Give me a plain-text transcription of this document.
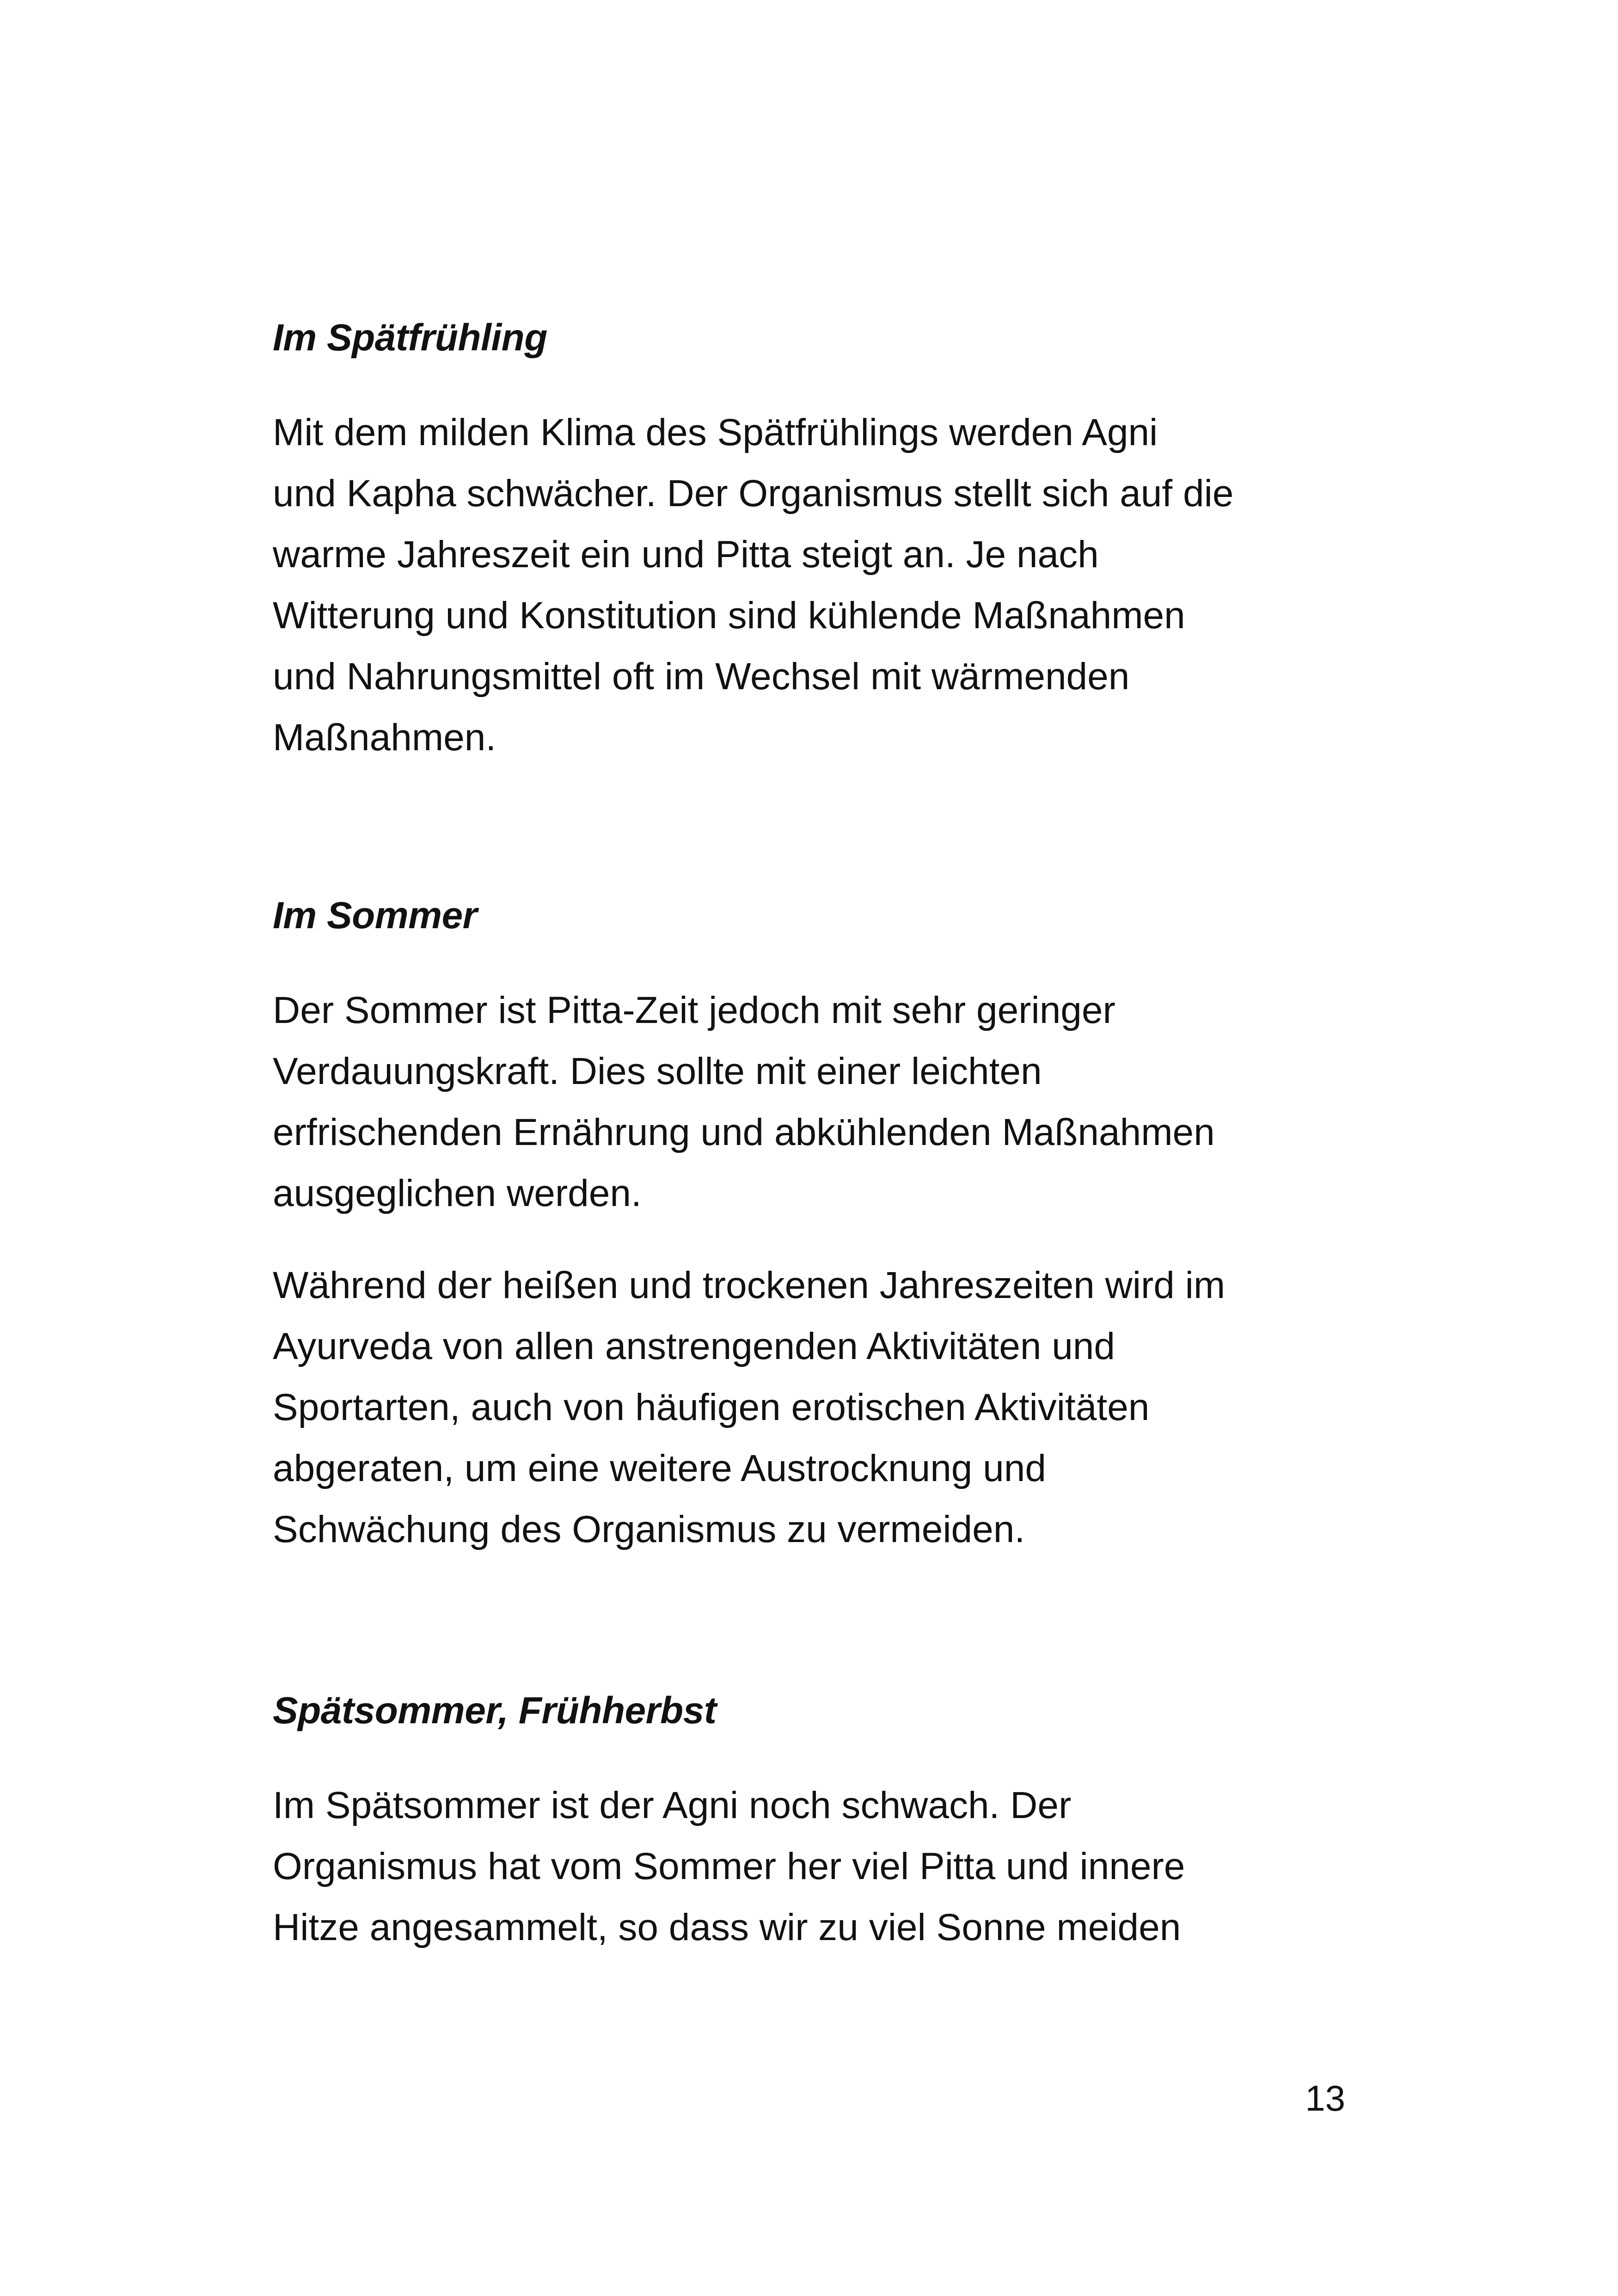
Im Spätfrühling

Mit dem milden Klima des Spätfrühlings werden Agni
und Kapha schwächer. Der Organismus stellt sich auf die
warme Jahreszeit ein und Pitta steigt an. Je nach
Witterung und Konstitution sind kühlende Maßnahmen
und Nahrungsmittel oft im Wechsel mit wärmenden
Maßnahmen.

Im Sommer

Der Sommer ist Pitta-Zeit jedoch mit sehr geringer
Verdauungskraft. Dies sollte mit einer leichten
erfrischenden Ernährung und abkühlenden Maßnahmen
ausgeglichen werden.

Während der heißen und trockenen Jahreszeiten wird im
Ayurveda von allen anstrengenden Aktivitäten und
Sportarten, auch von häufigen erotischen Aktivitäten
abgeraten, um eine weitere Austrocknung und
Schwächung des Organismus zu vermeiden.

Spätsommer, Frühherbst

Im Spätsommer ist der Agni noch schwach. Der
Organismus hat vom Sommer her viel Pitta und innere
Hitze angesammelt, so dass wir zu viel Sonne meiden

13
